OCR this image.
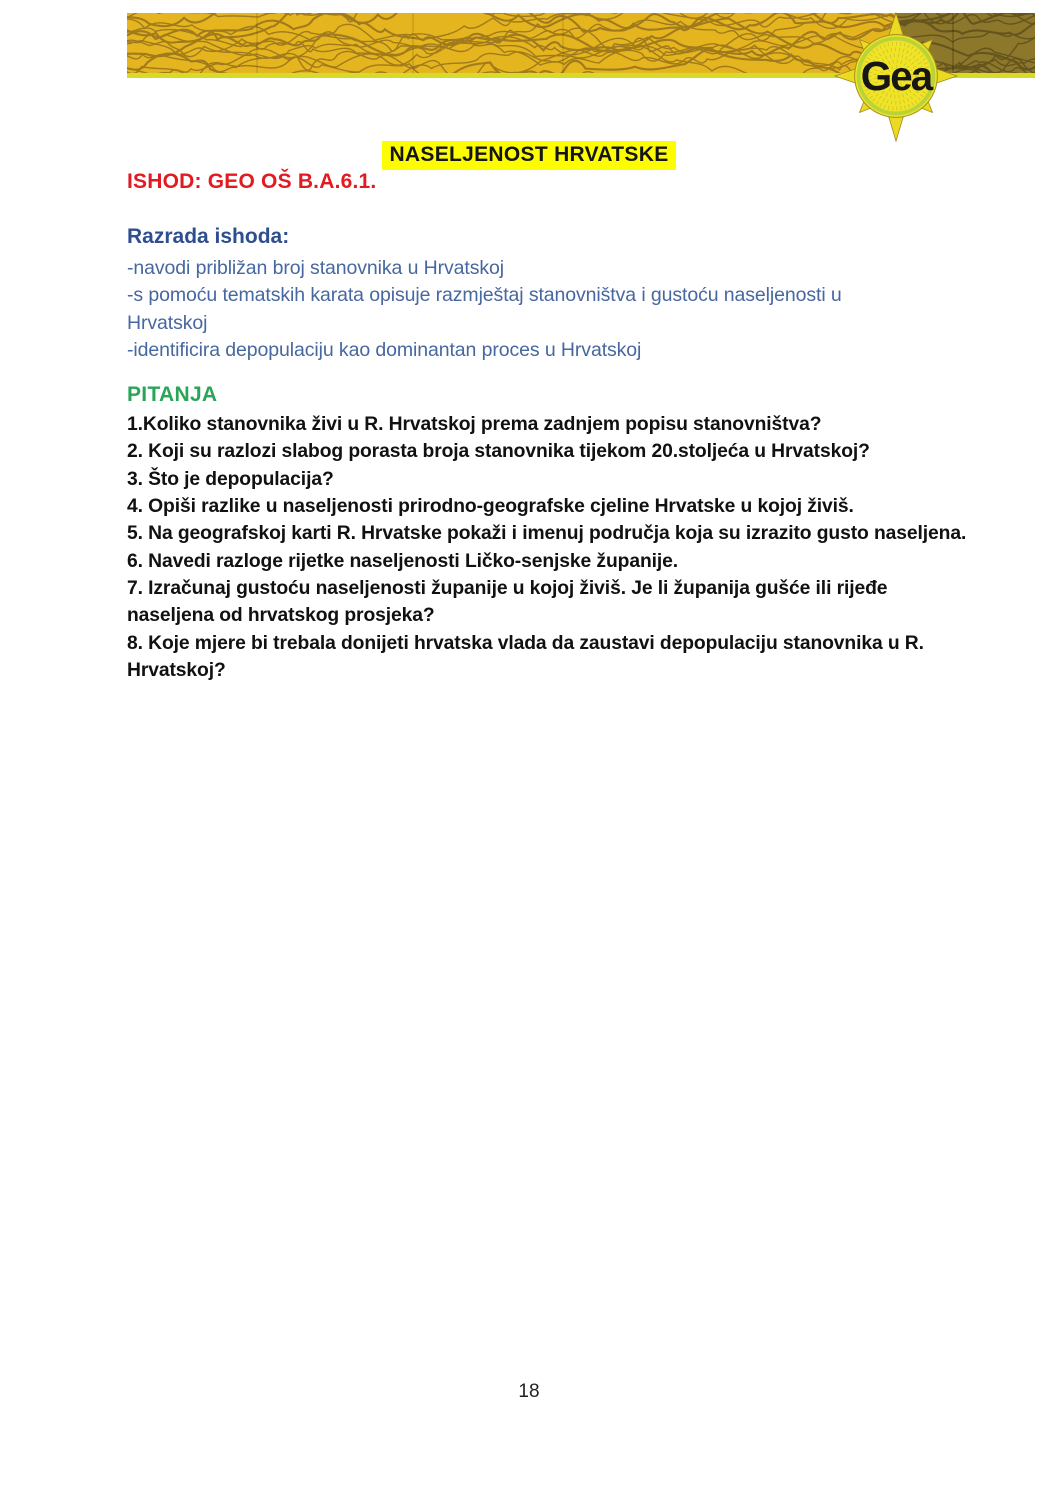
Gea
NASELJENOST HRVATSKE
ISHOD: GEO OŠ B.A.6.1.
Razrada ishoda:
-navodi približan broj stanovnika u Hrvatskoj
-s pomoću tematskih karata opisuje razmještaj stanovništva i gustoću naseljenosti u Hrvatskoj
-identificira depopulaciju kao dominantan proces u Hrvatskoj
PITANJA
1.Koliko stanovnika živi u R. Hrvatskoj prema zadnjem popisu stanovništva?
2. Koji su razlozi slabog porasta broja stanovnika tijekom 20.stoljeća u Hrvatskoj?
3. Što je depopulacija?
4. Opiši razlike u naseljenosti prirodno-geografske cjeline Hrvatske u kojoj živiš.
5. Na geografskoj karti R. Hrvatske pokaži i imenuj područja koja su izrazito gusto naseljena.
6. Navedi razloge rijetke naseljenosti Ličko-senjske županije.
7. Izračunaj gustoću naseljenosti županije u kojoj živiš. Je li županija gušće ili rijeđe naseljena od hrvatskog prosjeka?
8. Koje mjere bi trebala donijeti hrvatska vlada da zaustavi depopulaciju stanovnika u R. Hrvatskoj?
18
